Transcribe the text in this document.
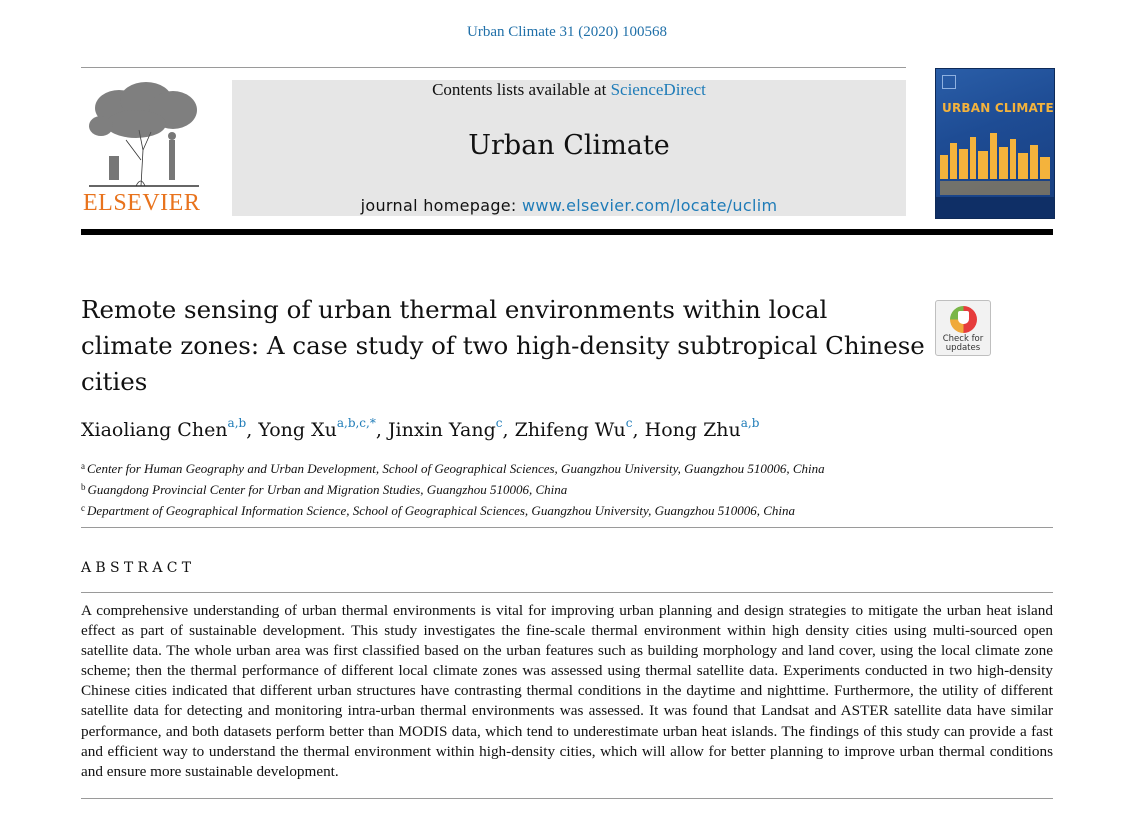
Urban Climate 31 (2020) 100568
ELSEVIER
Contents lists available at ScienceDirect
Urban Climate
journal homepage: www.elsevier.com/locate/uclim
URBAN CLIMATE
Remote sensing of urban thermal environments within local climate zones: A case study of two high-density subtropical Chinese cities
Check for
updates
Xiaoliang Chen$^{a,b}$, Yong $Xu^{a,b,c,*}$, Jinxin Yang$^c$, Zhifeng Wu$^c$, Hong Zhu$^{a,b}$
$^a$ Center for Human Geography and Urban Development, School of Geographical Sciences, Guangzhou University, Guangzhou 510006, China
$^b$ Guangdong Provincial Center for Urban and Migration Studies, Guangzhou 510006, China
$^c$ Department of Geographical Information Science, School of Geographical Sciences, Guangzhou University, Guangzhou 510006, China
ABSTRACT

A comprehensive understanding of urban thermal environments is vital for improving urban planning and design strategies to mitigate the urban heat island effect as part of sustainable development. This study investigates the fine-scale thermal environment within high density cities using multi-sourced open satellite data. The whole urban area was first classified based on the urban features such as building morphology and land cover, using the local climate zone scheme; then the thermal performance of different local climate zones was assessed using thermal satellite data. Experiments conducted in two high-density Chinese cities indicated that different urban structures have contrasting thermal conditions in the daytime and nighttime. Furthermore, the utility of different satellite data for detecting and monitoring intra-urban thermal environments was assessed. It was found that Landsat and ASTER satellite data have similar performance, and both datasets perform better than MODIS data, which tend to underestimate urban heat islands. The findings of this study can provide a fast and efficient way to understand the thermal environment within high-density cities, which will allow for better planning to improve urban thermal conditions and ensure more sustainable development.
